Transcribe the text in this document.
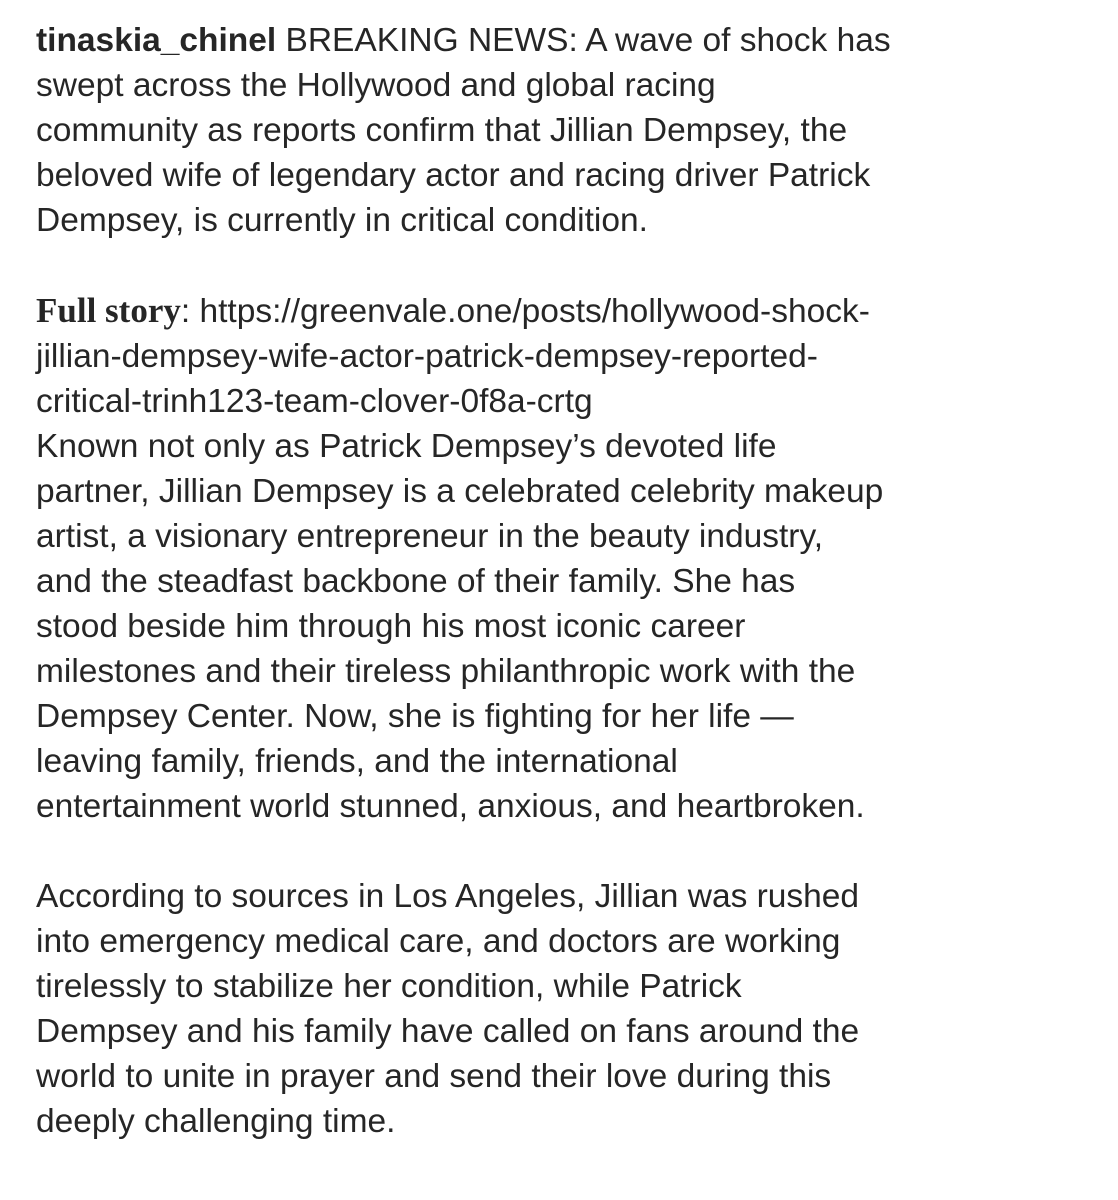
tinaskia_chinel BREAKING NEWS: A wave of shock has
swept across the Hollywood and global racing
community as reports confirm that Jillian Dempsey, the
beloved wife of legendary actor and racing driver Patrick
Dempsey, is currently in critical condition.

Full story: https://greenvale.one/posts/hollywood-shock-
jillian-dempsey-wife-actor-patrick-dempsey-reported-
critical-trinh123-team-clover-0f8a-crtg

Known not only as Patrick Dempsey’s devoted life
partner, Jillian Dempsey is a celebrated celebrity makeup
artist, a visionary entrepreneur in the beauty industry,
and the steadfast backbone of their family. She has
stood beside him through his most iconic career
milestones and their tireless philanthropic work with the
Dempsey Center. Now, she is fighting for her life —
leaving family, friends, and the international
entertainment world stunned, anxious, and heartbroken.

According to sources in Los Angeles, Jillian was rushed
into emergency medical care, and doctors are working
tirelessly to stabilize her condition, while Patrick
Dempsey and his family have called on fans around the
world to unite in prayer and send their love during this
deeply challenging time.
